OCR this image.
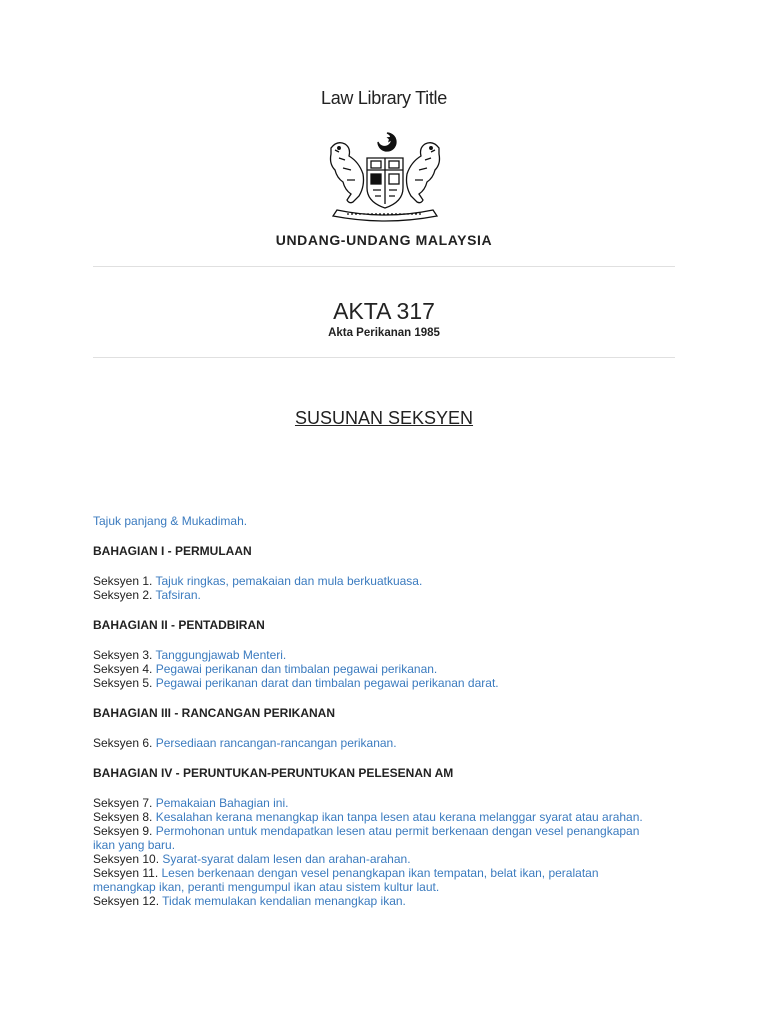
Law Library Title
UNDANG-UNDANG MALAYSIA
AKTA 317
Akta Perikanan 1985
SUSUNAN SEKSYEN

Tajuk panjang & Mukadimah.

BAHAGIAN I - PERMULAAN

Seksyen 1. Tajuk ringkas, pemakaian dan mula berkuatkuasa.
Seksyen 2. Tafsiran.

BAHAGIAN II - PENTADBIRAN

Seksyen 3. Tanggungjawab Menteri.
Seksyen 4. Pegawai perikanan dan timbalan pegawai perikanan.
Seksyen 5. Pegawai perikanan darat dan timbalan pegawai perikanan darat.

BAHAGIAN III - RANCANGAN PERIKANAN

Seksyen 6. Persediaan rancangan-rancangan perikanan.

BAHAGIAN IV - PERUNTUKAN-PERUNTUKAN PELESENAN AM

Seksyen 7. Pemakaian Bahagian ini.
Seksyen 8. Kesalahan kerana menangkap ikan tanpa lesen atau kerana melanggar syarat atau arahan.
Seksyen 9. Permohonan untuk mendapatkan lesen atau permit berkenaan dengan vesel penangkapan ikan yang baru.
Seksyen 10. Syarat-syarat dalam lesen dan arahan-arahan.
Seksyen 11. Lesen berkenaan dengan vesel penangkapan ikan tempatan, belat ikan, peralatan menangkap ikan, peranti mengumpul ikan atau sistem kultur laut.
Seksyen 12. Tidak memulakan kendalian menangkap ikan.
